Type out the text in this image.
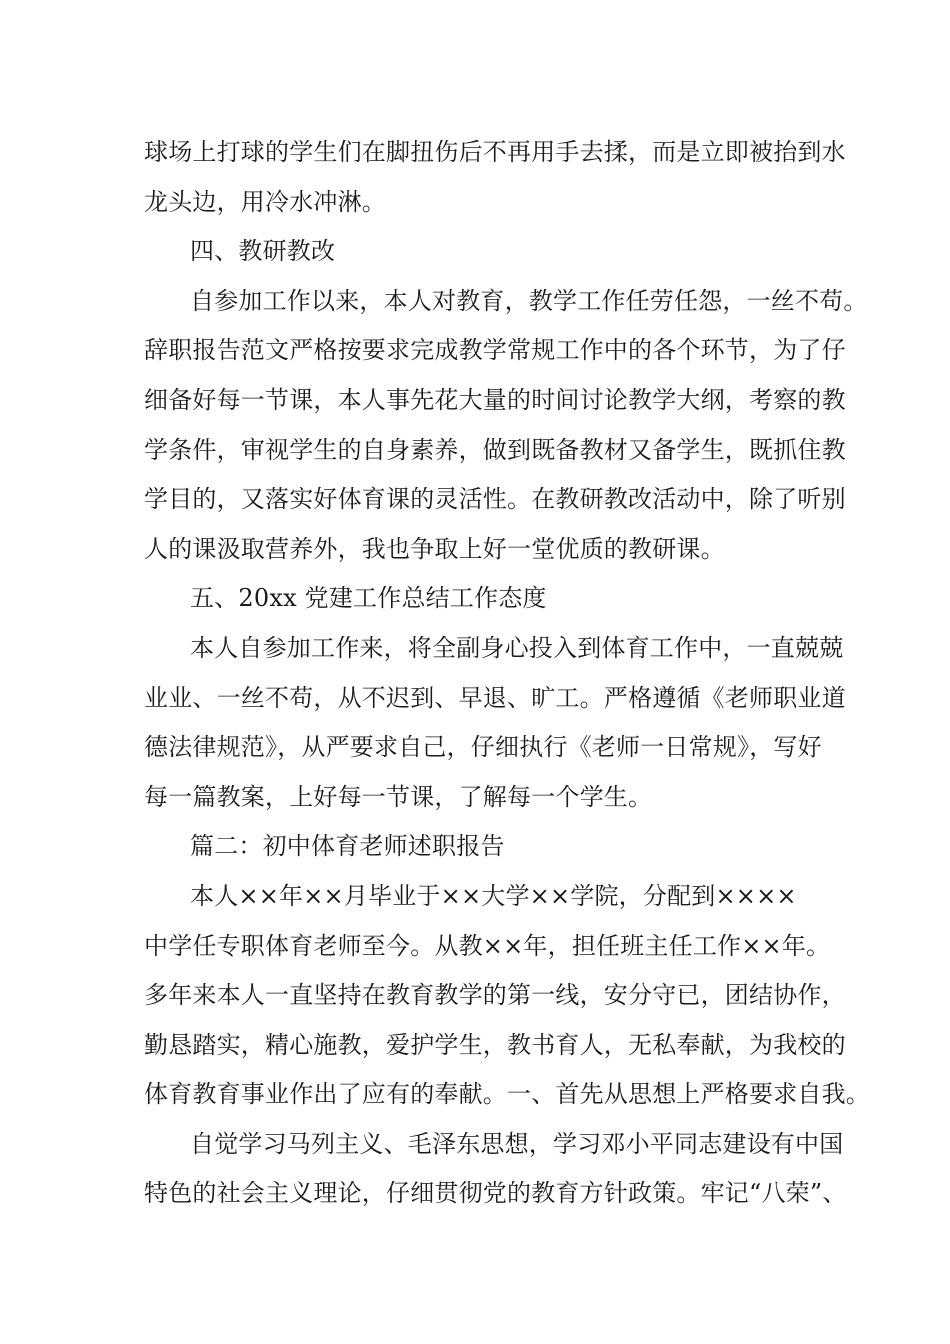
球场上打球的学生们在脚扭伤后不再用手去揉，而是立即被抬到水
龙头边，用冷水冲淋。
四、教研教改
自参加工作以来，本人对教育，教学工作任劳任怨，一丝不苟。
辞职报告范文严格按要求完成教学常规工作中的各个环节，为了仔
细备好每一节课，本人事先花大量的时间讨论教学大纲，考察的教
学条件，审视学生的自身素养，做到既备教材又备学生，既抓住教
学目的，又落实好体育课的灵活性。在教研教改活动中，除了听别
人的课汲取营养外，我也争取上好一堂优质的教研课。
五、20xx 党建工作总结工作态度
本人自参加工作来，将全副身心投入到体育工作中，一直兢兢
业业、一丝不苟，从不迟到、早退、旷工。严格遵循《老师职业道
德法律规范》，从严要求自己，仔细执行《老师一日常规》，写好
每一篇教案，上好每一节课，了解每一个学生。
篇二：初中体育老师述职报告
本人××年××月毕业于××大学××学院，分配到××××
中学任专职体育老师至今。从教××年，担任班主任工作××年。
多年来本人一直坚持在教育教学的第一线，安分守已，团结协作，
勤恳踏实，精心施教，爱护学生，教书育人，无私奉献，为我校的
体育教育事业作出了应有的奉献。一、首先从思想上严格要求自我。
自觉学习马列主义、毛泽东思想，学习邓小平同志建设有中国
特色的社会主义理论，仔细贯彻党的教育方针政策。牢记“八荣”、
